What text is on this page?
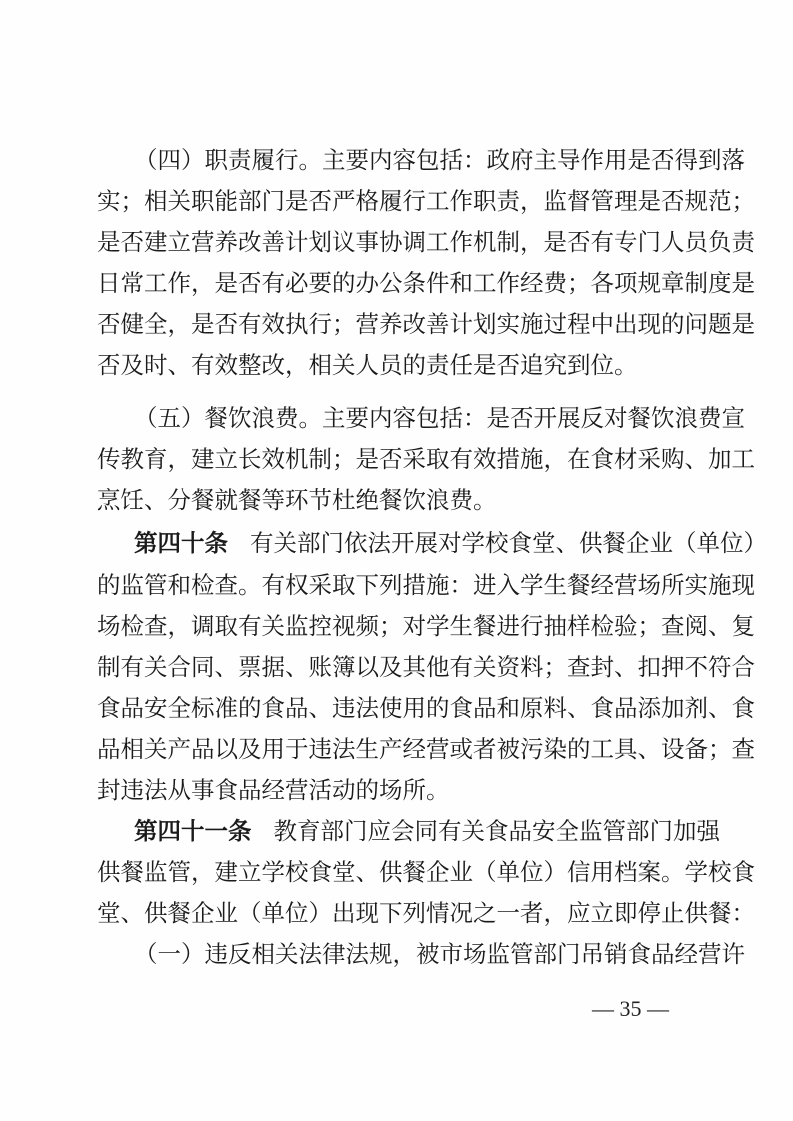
（四）职责履行。主要内容包括：政府主导作用是否得到落
实；相关职能部门是否严格履行工作职责，监督管理是否规范；
是否建立营养改善计划议事协调工作机制，是否有专门人员负责
日常工作，是否有必要的办公条件和工作经费；各项规章制度是
否健全，是否有效执行；营养改善计划实施过程中出现的问题是
否及时、有效整改，相关人员的责任是否追究到位。
（五）餐饮浪费。主要内容包括：是否开展反对餐饮浪费宣
传教育，建立长效机制；是否采取有效措施，在食材采购、加工
烹饪、分餐就餐等环节杜绝餐饮浪费。
第四十条 有关部门依法开展对学校食堂、供餐企业（单位）
的监管和检查。有权采取下列措施：进入学生餐经营场所实施现
场检查，调取有关监控视频；对学生餐进行抽样检验；查阅、复
制有关合同、票据、账簿以及其他有关资料；查封、扣押不符合
食品安全标准的食品、违法使用的食品和原料、食品添加剂、食
品相关产品以及用于违法生产经营或者被污染的工具、设备；查
封违法从事食品经营活动的场所。
第四十一条 教育部门应会同有关食品安全监管部门加强
供餐监管，建立学校食堂、供餐企业（单位）信用档案。学校食
堂、供餐企业（单位）出现下列情况之一者，应立即停止供餐：
（一）违反相关法律法规，被市场监管部门吊销食品经营许
— 35 —
